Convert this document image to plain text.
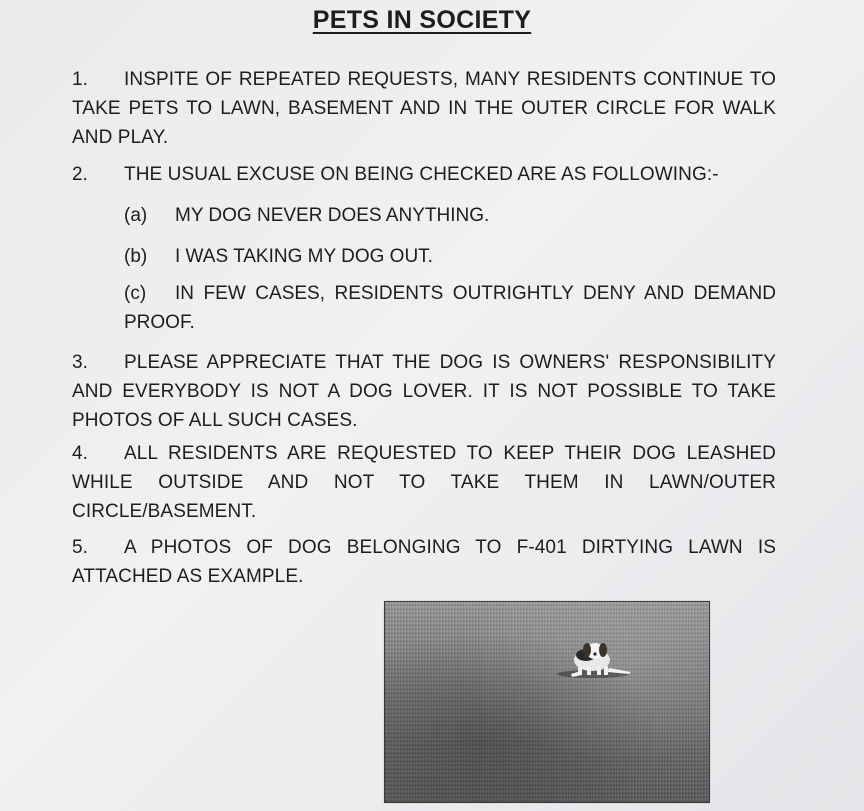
PETS IN SOCIETY
1. INSPITE OF REPEATED REQUESTS, MANY RESIDENTS CONTINUE TO TAKE PETS TO LAWN, BASEMENT AND IN THE OUTER CIRCLE FOR WALK AND PLAY.
2. THE USUAL EXCUSE ON BEING CHECKED ARE AS FOLLOWING:-
(a) MY DOG NEVER DOES ANYTHING.
(b) I WAS TAKING MY DOG OUT.
(c) IN FEW CASES, RESIDENTS OUTRIGHTLY DENY AND DEMAND PROOF.
3. PLEASE APPRECIATE THAT THE DOG IS OWNERS' RESPONSIBILITY AND EVERYBODY IS NOT A DOG LOVER. IT IS NOT POSSIBLE TO TAKE PHOTOS OF ALL SUCH CASES.
4. ALL RESIDENTS ARE REQUESTED TO KEEP THEIR DOG LEASHED WHILE OUTSIDE AND NOT TO TAKE THEM IN LAWN/OUTER CIRCLE/BASEMENT.
5. A PHOTOS OF DOG BELONGING TO F-401 DIRTYING LAWN IS ATTACHED AS EXAMPLE.
